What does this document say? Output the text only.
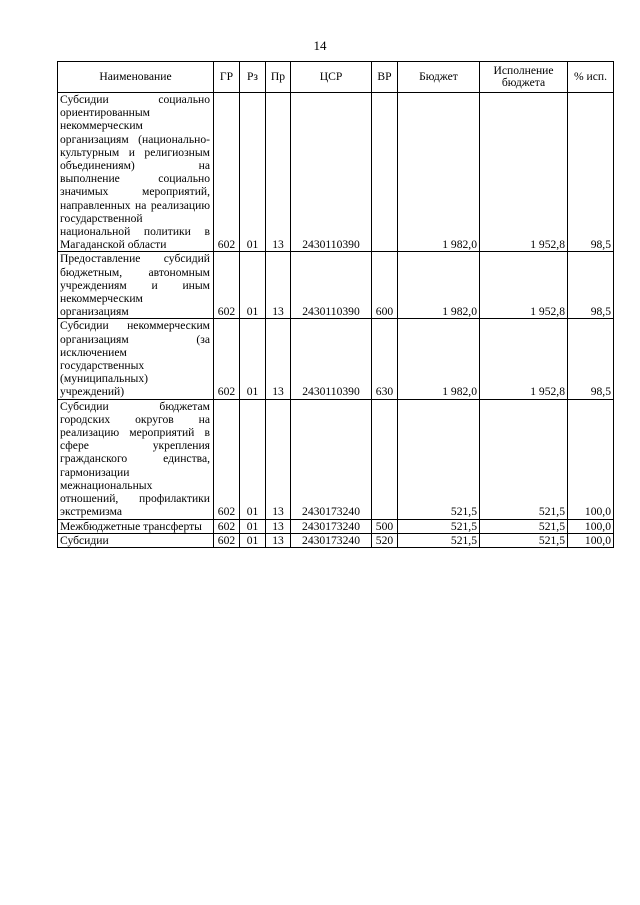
14
Наименование	ГР	Рз	Пр	ЦСР	ВР	Бюджет	Исполнение бюджета	% исп.
Субсидии социально ориентированным некоммерческим организациям (национально-культурным и религиозным объединениям) на выполнение социально значимых мероприятий, направленных на реализацию государственной национальной политики в Магаданской области	602	01	13	2430110390		1 982,0	1 952,8	98,5
Предоставление субсидий бюджетным, автономным учреждениям и иным некоммерческим организациям	602	01	13	2430110390	600	1 982,0	1 952,8	98,5
Субсидии некоммерческим организациям (за исключением государственных (муниципальных) учреждений)	602	01	13	2430110390	630	1 982,0	1 952,8	98,5
Субсидии бюджетам городских округов на реализацию мероприятий в сфере укрепления гражданского единства, гармонизации межнациональных отношений, профилактики экстремизма	602	01	13	2430173240		521,5	521,5	100,0
Межбюджетные трансферты	602	01	13	2430173240	500	521,5	521,5	100,0
Субсидии	602	01	13	2430173240	520	521,5	521,5	100,0
